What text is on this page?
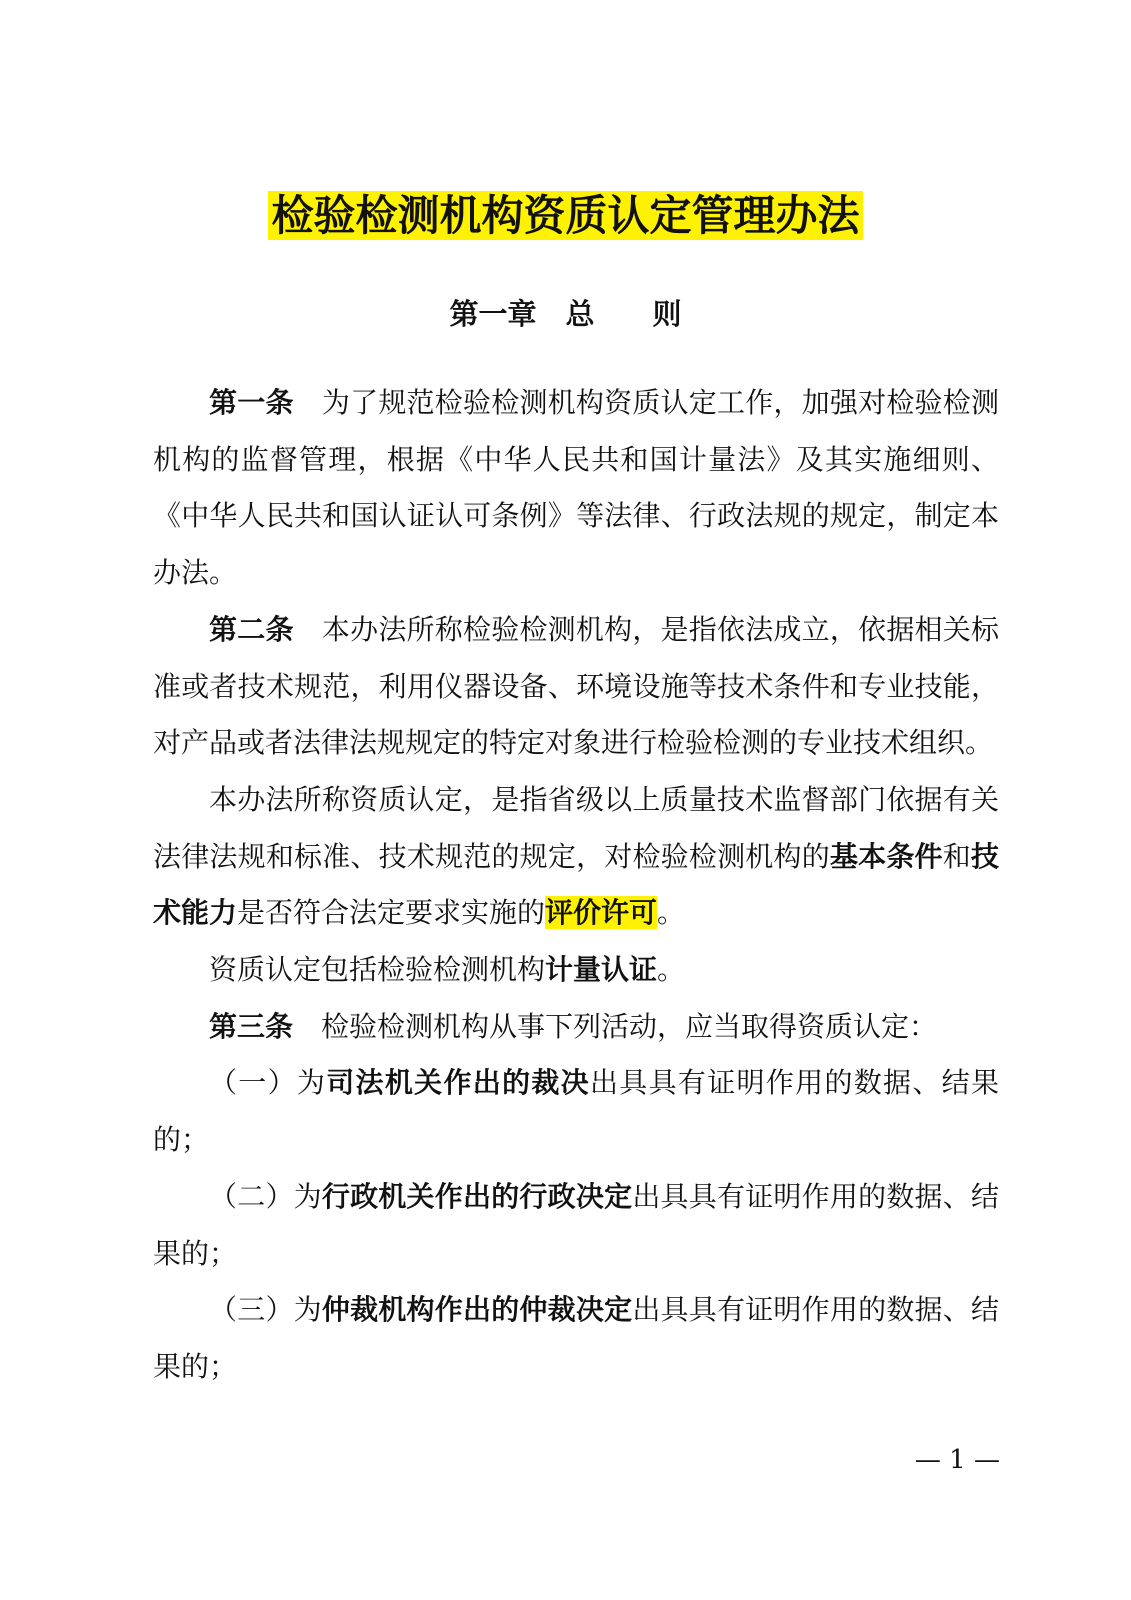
检验检测机构资质认定管理办法
第一章　总　　则

第一条　为了规范检验检测机构资质认定工作，加强对检验检测机构的监督管理，根据《中华人民共和国计量法》及其实施细则、《中华人民共和国认证认可条例》等法律、行政法规的规定，制定本办法。

第二条　本办法所称检验检测机构，是指依法成立，依据相关标准或者技术规范，利用仪器设备、环境设施等技术条件和专业技能，对产品或者法律法规规定的特定对象进行检验检测的专业技术组织。

本办法所称资质认定，是指省级以上质量技术监督部门依据有关法律法规和标准、技术规范的规定，对检验检测机构的基本条件和技术能力是否符合法定要求实施的评价许可。

资质认定包括检验检测机构计量认证。

第三条　检验检测机构从事下列活动，应当取得资质认定：

（一）为司法机关作出的裁决出具具有证明作用的数据、结果的；

（二）为行政机关作出的行政决定出具具有证明作用的数据、结果的；

（三）为仲裁机构作出的仲裁决定出具具有证明作用的数据、结果的；

— 1 —
